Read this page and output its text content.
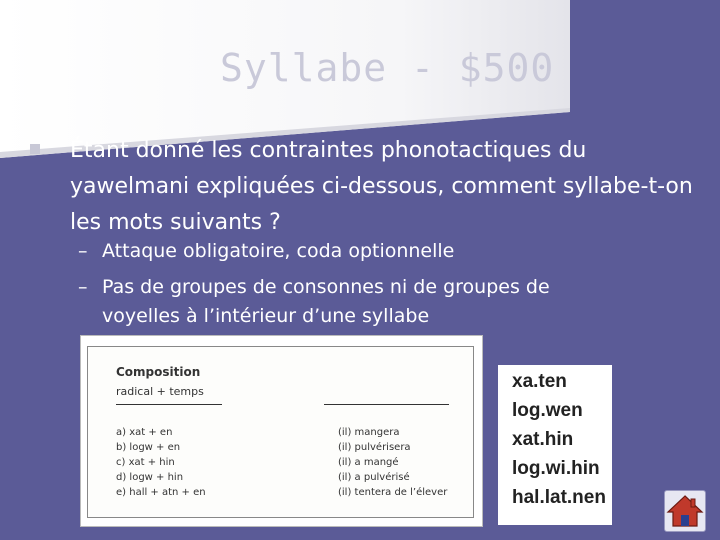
Syllabe - $500
Étant donné les contraintes phonotactiques du yawelmani expliquées ci-dessous, comment syllabe-t-on les mots suivants ?
– Attaque obligatoire, coda optionnelle
– Pas de groupes de consonnes ni de groupes de
voyelles à l’intérieur d’une syllabe
Composition
radical + temps
a) xat + en
b) logw + en
c) xat + hin
d) logw + hin
e) hall + atn + en
(il) mangera
(il) pulvérisera
(il) a mangé
(il) a pulvérisé
(il) tentera de l’élever
xa.ten
log.wen
xat.hin
log.wi.hin
hal.lat.nen
